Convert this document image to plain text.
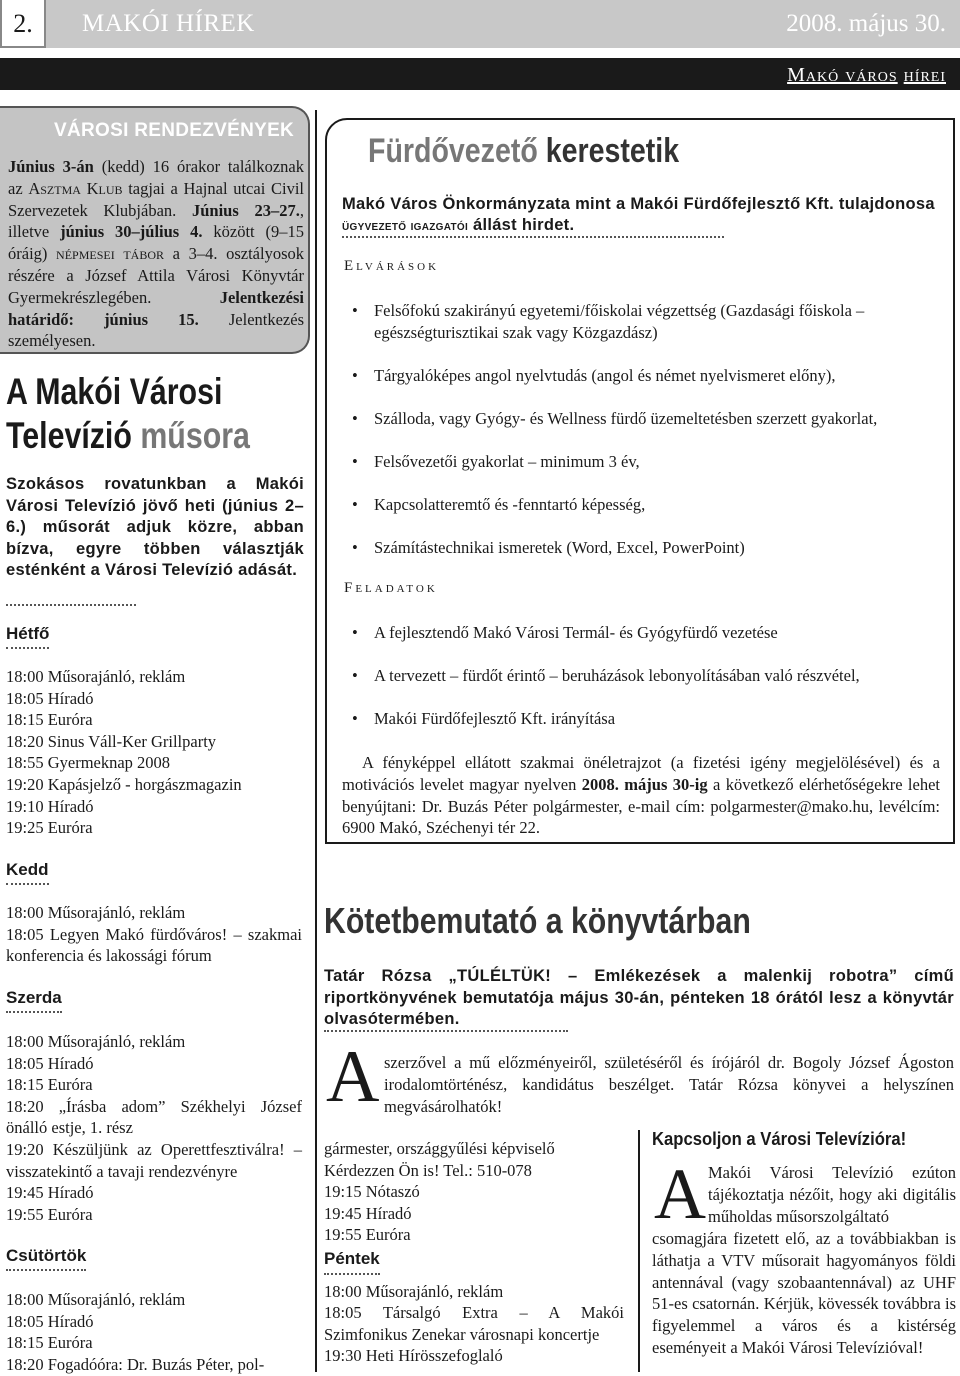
2.	MAKÓI HÍREK	2008. május 30.
Makó város hírei
VÁROSI RENDEZVÉNYEK
Június 3-án (kedd) 16 órakor találkoznak az Asztma Klub tagjai a Hajnal utcai Civil Szervezetek Klubjában. Június 23–27., illetve június 30–július 4. között (9–15 óráig) népmesei tábor a 3–4. osztályosok részére a József Attila Városi Könyvtár Gyermekrészlegében. Jelentkezési határidő: június 15. Jelentkezés személyesen.
A Makói Városi
Televízió műsora
Szokásos rovatunkban a Makói Városi Televízió jövő heti (június 2–6.) műsorát adjuk közre, abban bízva, egyre többen választják esténként a Városi Televízió adását.
Hétfő
18:00 Műsorajánló, reklám
18:05 Híradó
18:15 Euróra
18:20 Sinus Váll-Ker Grillparty
18:55 Gyermeknap 2008
19:20 Kapásjelző - horgászmagazin
19:10 Híradó
19:25 Euróra
Kedd
18:00 Műsorajánló, reklám
18:05 Legyen Makó fürdőváros! – szakmai konferencia és lakossági fórum
Szerda
18:00 Műsorajánló, reklám
18:05 Híradó
18:15 Euróra
18:20 „Írásba adom” Székhelyi József önálló estje, 1. rész
19:20 Készüljünk az Operettfesztiválra! – visszatekintő a tavaji rendezvényre
19:45 Híradó
19:55 Euróra
Csütörtök
18:00 Műsorajánló, reklám
18:05 Híradó
18:15 Euróra
18:20 Fogadóóra: Dr. Buzás Péter, pol-
Fürdővezető kerestetik
Makó Város Önkormányzata mint a Makói Fürdőfejlesztő Kft. tulajdonosa ügyvezető igazgatói állást hirdet.
Elvárások
• Felsőfokú szakirányú egyetemi/főiskolai végzettség (Gazdasági főiskola – egészségturisztikai szak vagy Közgazdász)
• Tárgyalóképes angol nyelvtudás (angol és német nyelvismeret előny),
• Szálloda, vagy Gyógy- és Wellness fürdő üzemeltetésben szerzett gyakorlat,
• Felsővezetői gyakorlat – minimum 3 év,
• Kapcsolatteremtő és -fenntartó képesség,
• Számítástechnikai ismeretek (Word, Excel, PowerPoint)
Feladatok
• A fejlesztendő Makó Városi Termál- és Gyógyfürdő vezetése
• A tervezett – fürdőt érintő – beruházások lebonyolításában való részvétel,
• Makói Fürdőfejlesztő Kft. irányítása
A fényképpel ellátott szakmai önéletrajzot (a fizetési igény megjelölésével) és a motivációs levelet magyar nyelven 2008. május 30-ig a következő elérhetőségekre lehet benyújtani: Dr. Buzás Péter polgármester, e-mail cím: polgarmester@mako.hu, levélcím: 6900 Makó, Széchenyi tér 22.
Kötetbemutató a könyvtárban
Tatár Rózsa „TÚLÉLTÜK! – Emlékezések a malenkij robotra” című riportkönyvének bemutatója május 30-án, pénteken 18 órától lesz a könyvtár olvasótermében.
A szerzővel a mű előzményeiről, születéséről és írójáról dr. Bogoly József Ágoston irodalomtörténész, kandidátus beszélget. Tatár Rózsa könyvei a helyszínen megvásárolhatók!
gármester, országgyűlési képviselő Kérdezzen Ön is! Tel.: 510-078
19:15 Nótaszó
19:45 Híradó
19:55 Euróra
Péntek
18:00 Műsorajánló, reklám
18:05 Társalgó Extra – A Makói Szimfonikus Zenekar városnapi koncertje
19:30 Heti Hírösszefoglaló
Kapcsoljon a Városi Televízióra!
A Makói Városi Televízió ezúton tájékoztatja nézőit, hogy aki digitális műholdas műsorszolgáltató
csomagjára fizetett elő, az a továbbiakban is láthatja a VTV műsorait hagyományos földi antennával (vagy szobaantennával) az UHF 51-es csatornán. Kérjük, kövessék továbbra is figyelemmel a város és a kistérség eseményeit a Makói Városi Televízióval!
